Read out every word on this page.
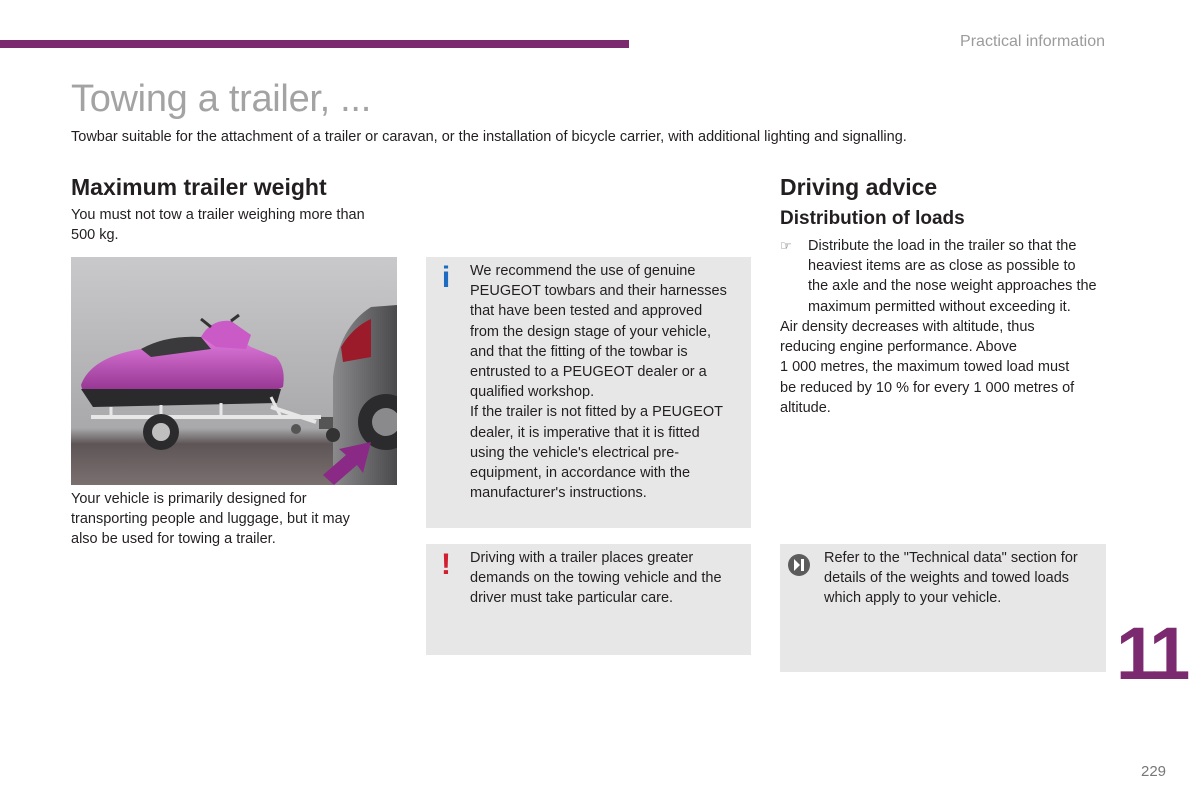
Practical information
Towing a trailer, ...

Towbar suitable for the attachment of a trailer or caravan, or the installation of bicycle carrier, with additional lighting and signalling.

Maximum trailer weight

You must not tow a trailer weighing more than

500 kg.

Your vehicle is primarily designed for

transporting people and luggage, but it may

also be used for towing a trailer.

i We recommend the use of genuine

PEUGEOT towbars and their harnesses

that have been tested and approved

from the design stage of your vehicle,

and that the fitting of the towbar is

entrusted to a PEUGEOT dealer or a

qualified workshop.

If the trailer is not fitted by a PEUGEOT

dealer, it is imperative that it is fitted

using the vehicle's electrical pre-

equipment, in accordance with the

manufacturer's instructions.

! Driving with a trailer places greater

demands on the towing vehicle and the

driver must take particular care.

Driving advice
Distribution of loads
☞ Distribute the load in the trailer so that the

heaviest items are as close as possible to

the axle and the nose weight approaches the

maximum permitted without exceeding it.

Air density decreases with altitude, thus

reducing engine performance. Above

1 000 metres, the maximum towed load must

be reduced by 10 % for every 1 000 metres of

altitude.

Refer to the "Technical data" section for

details of the weights and towed loads

which apply to your vehicle.

11
229
